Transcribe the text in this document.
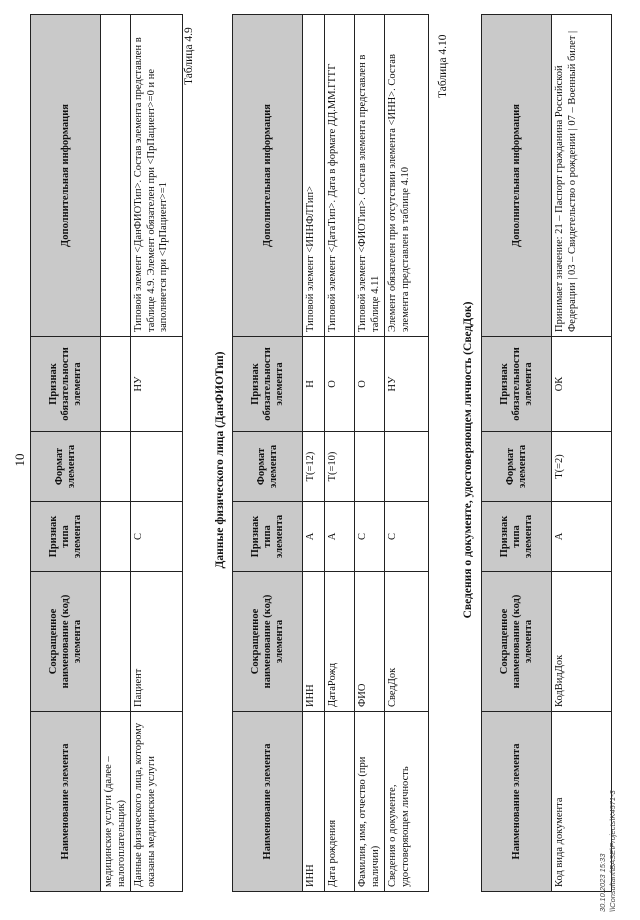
10
Наименование элемента	Сокращенное наименование (код) элемента	Признак типа элемента	Формат элемента	Признак обязательности элемента	Дополнительная информация
медицинские услуги (далее – налогоплательщик)					
Данные физического лица, которому оказаны медицинские услуги	Пациент	С		НУ	Типовой элемент <ДанФИОТип>. Состав элемента представлен в таблице 4.9. Элемент обязателен при <ПрПациент>=0 и не заполняется при <ПрПациент>=1
Таблица 4.9
Данные физического лица (ДанФИОТип)
Наименование элемента	Сокращенное наименование (код) элемента	Признак типа элемента	Формат элемента	Признак обязательности элемента	Дополнительная информация
ИНН	ИНН	А	T(=12)	Н	Типовой элемент <ИННФЛТип>
Дата рождения	ДатаРожд	А	T(=10)	О	Типовой элемент <ДатаТип>. Дата в формате ДД.ММ.ГГГГ
Фамилия, имя, отчество (при наличии)	ФИО	С		О	Типовой элемент <ФИОТип>. Состав элемента представлен в таблице 4.11
Сведения о документе, удостоверяющем личность	СведДок	С		НУ	Элемент обязателен при отсутствии элемента <ИНН>. Состав элемента представлен в таблице 4.10
Таблица 4.10
Сведения о документе, удостоверяющем личность (СведДок)
Наименование элемента	Сокращенное наименование (код) элемента	Признак типа элемента	Формат элемента	Признак обязательности элемента	Дополнительная информация
Код вида документа	КодВидДок	А	T(=2)	ОК	Принимает значение: 21 – Паспорт гражданина Российской Федерации | 03 – Свидетельство о рождении | 07 – Военный билет |
30.10.2023 15:33 \\Consultant\BASE\Projects\K4571-3
